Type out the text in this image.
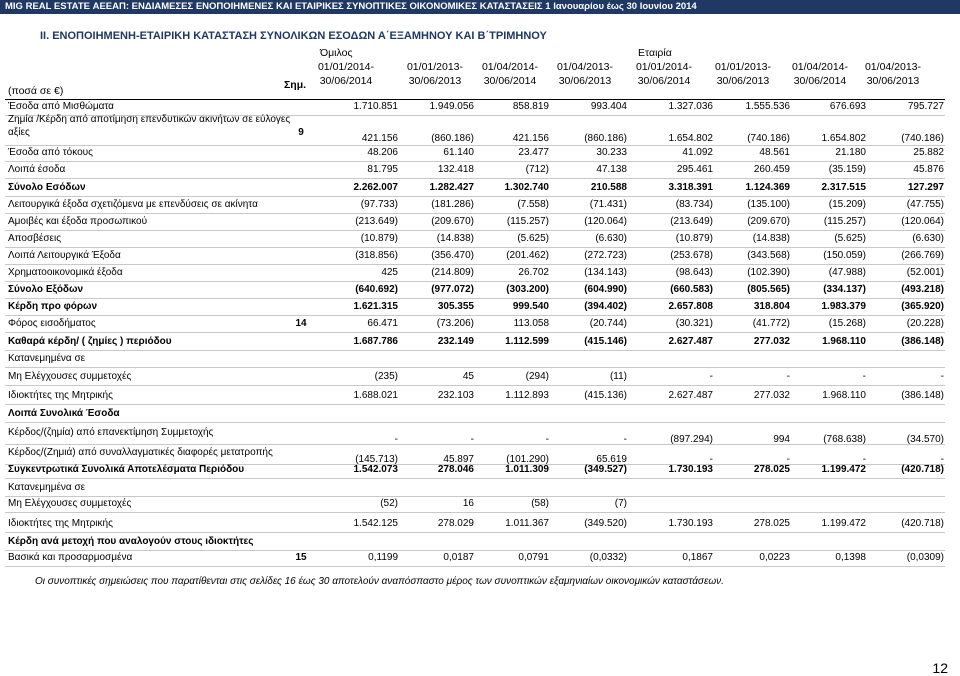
MIG REAL ESTATE ΑΕΕΑΠ: ΕΝΔΙΑΜΕΣΕΣ ΕΝΟΠΟΙΗΜΕΝΕΣ ΚΑΙ ΕΤΑΙΡΙΚΕΣ ΣΥΝΟΠΤΙΚΕΣ ΟΙΚΟΝΟΜΙΚΕΣ ΚΑΤΑΣΤΑΣΕΙΣ 1 Ιανουαρίου έως 30 Ιουνίου 2014
II. ΕΝΟΠΟΙΗΜΕΝΗ-ΕΤΑΙΡΙΚΗ ΚΑΤΑΣΤΑΣΗ ΣΥΝΟΛΙΚΩΝ ΕΣΟΔΩΝ Α΄ΕΞΑΜΗΝΟΥ ΚΑΙ Β΄ΤΡΙΜΗΝΟΥ
(ποσά σε €)	Σημ.
Όμιλος	Εταιρία
01/01/2014-
30/06/2014
01/01/2013-
30/06/2013
01/04/2014-
30/06/2014
01/04/2013-
30/06/2013
01/01/2014-
30/06/2014
01/01/2013-
30/06/2013
01/04/2014-
30/06/2014
01/04/2013-
30/06/2013
Έσοδα από Μισθώματα	1.710.851	1.949.056	858.819	993.404	1.327.036	1.555.536	676.693	795.727
Ζημία /Κέρδη από αποτίμηση επενδυτικών ακινήτων σε εύλογες
αξίες	9
421.156	(860.186)	421.156	(860.186)	1.654.802	(740.186)	1.654.802	(740.186)
Έσοδα από τόκους	48.206	61.140	23.477	30.233	41.092	48.561	21.180	25.882
Λοιπά έσοδα	81.795	132.418	(712)	47.138	295.461	260.459	(35.159)	45.876
Σύνολο Εσόδων	2.262.007	1.282.427	1.302.740	210.588	3.318.391	1.124.369	2.317.515	127.297
Λειτουργικά έξοδα σχετιζόμενα με επενδύσεις σε ακίνητα	(97.733)	(181.286)	(7.558)	(71.431)	(83.734)	(135.100)	(15.209)	(47.755)
Αμοιβές και έξοδα προσωπικού	(213.649)	(209.670)	(115.257)	(120.064)	(213.649)	(209.670)	(115.257)	(120.064)
Αποσβέσεις	(10.879)	(14.838)	(5.625)	(6.630)	(10.879)	(14.838)	(5.625)	(6.630)
Λοιπά Λειτουργικά Έξοδα	(318.856)	(356.470)	(201.462)	(272.723)	(253.678)	(343.568)	(150.059)	(266.769)
Χρηματοοικονομικά έξοδα	425	(214.809)	26.702	(134.143)	(98.643)	(102.390)	(47.988)	(52.001)
Σύνολο Εξόδων	(640.692)	(977.072)	(303.200)	(604.990)	(660.583)	(805.565)	(334.137)	(493.218)
Κέρδη προ φόρων	1.621.315	305.355	999.540	(394.402)	2.657.808	318.804	1.983.379	(365.920)
Φόρος εισοδήματος	14	66.471	(73.206)	113.058	(20.744)	(30.321)	(41.772)	(15.268)	(20.228)
Καθαρά κέρδη/ ( ζημίες ) περιόδου	1.687.786	232.149	1.112.599	(415.146)	2.627.487	277.032	1.968.110	(386.148)
Κατανεμημένα σε
Μη Ελέγχουσες συμμετοχές	(235)	45	(294)	(11)	-	-	-	-
Ιδιοκτήτες της Μητρικής	1.688.021	232.103	1.112.893	(415.136)	2.627.487	277.032	1.968.110	(386.148)
Λοιπά Συνολικά Έσοδα
Κέρδος/(ζημία) από επανεκτίμηση Συμμετοχής
-	-	-	-	(897.294)	994	(768.638)	(34.570)
Κέρδος/(Ζημιά) από συναλλαγματικές διαφορές μετατροπής
(145.713)	45.897	(101.290)	65.619	-	-	-	-
Συγκεντρωτικά Συνολικά Αποτελέσματα Περιόδου	1.542.073	278.046	1.011.309	(349.527)	1.730.193	278.025	1.199.472	(420.718)
Κατανεμημένα σε
Μη Ελέγχουσες συμμετοχές	(52)	16	(58)	(7)
Ιδιοκτήτες της Μητρικής	1.542.125	278.029	1.011.367	(349.520)	1.730.193	278.025	1.199.472	(420.718)
Κέρδη ανά μετοχή που αναλογούν στους ιδιοκτήτες
Βασικά και προσαρμοσμένα	15	0,1199	0,0187	0,0791	(0,0332)	0,1867	0,0223	0,1398	(0,0309)
Οι συνοπτικές σημειώσεις που παρατίθενται στις σελίδες 16 έως 30 αποτελούν αναπόσπαστο μέρος των συνοπτικών εξαμηνιαίων οικονομικών καταστάσεων.
12
